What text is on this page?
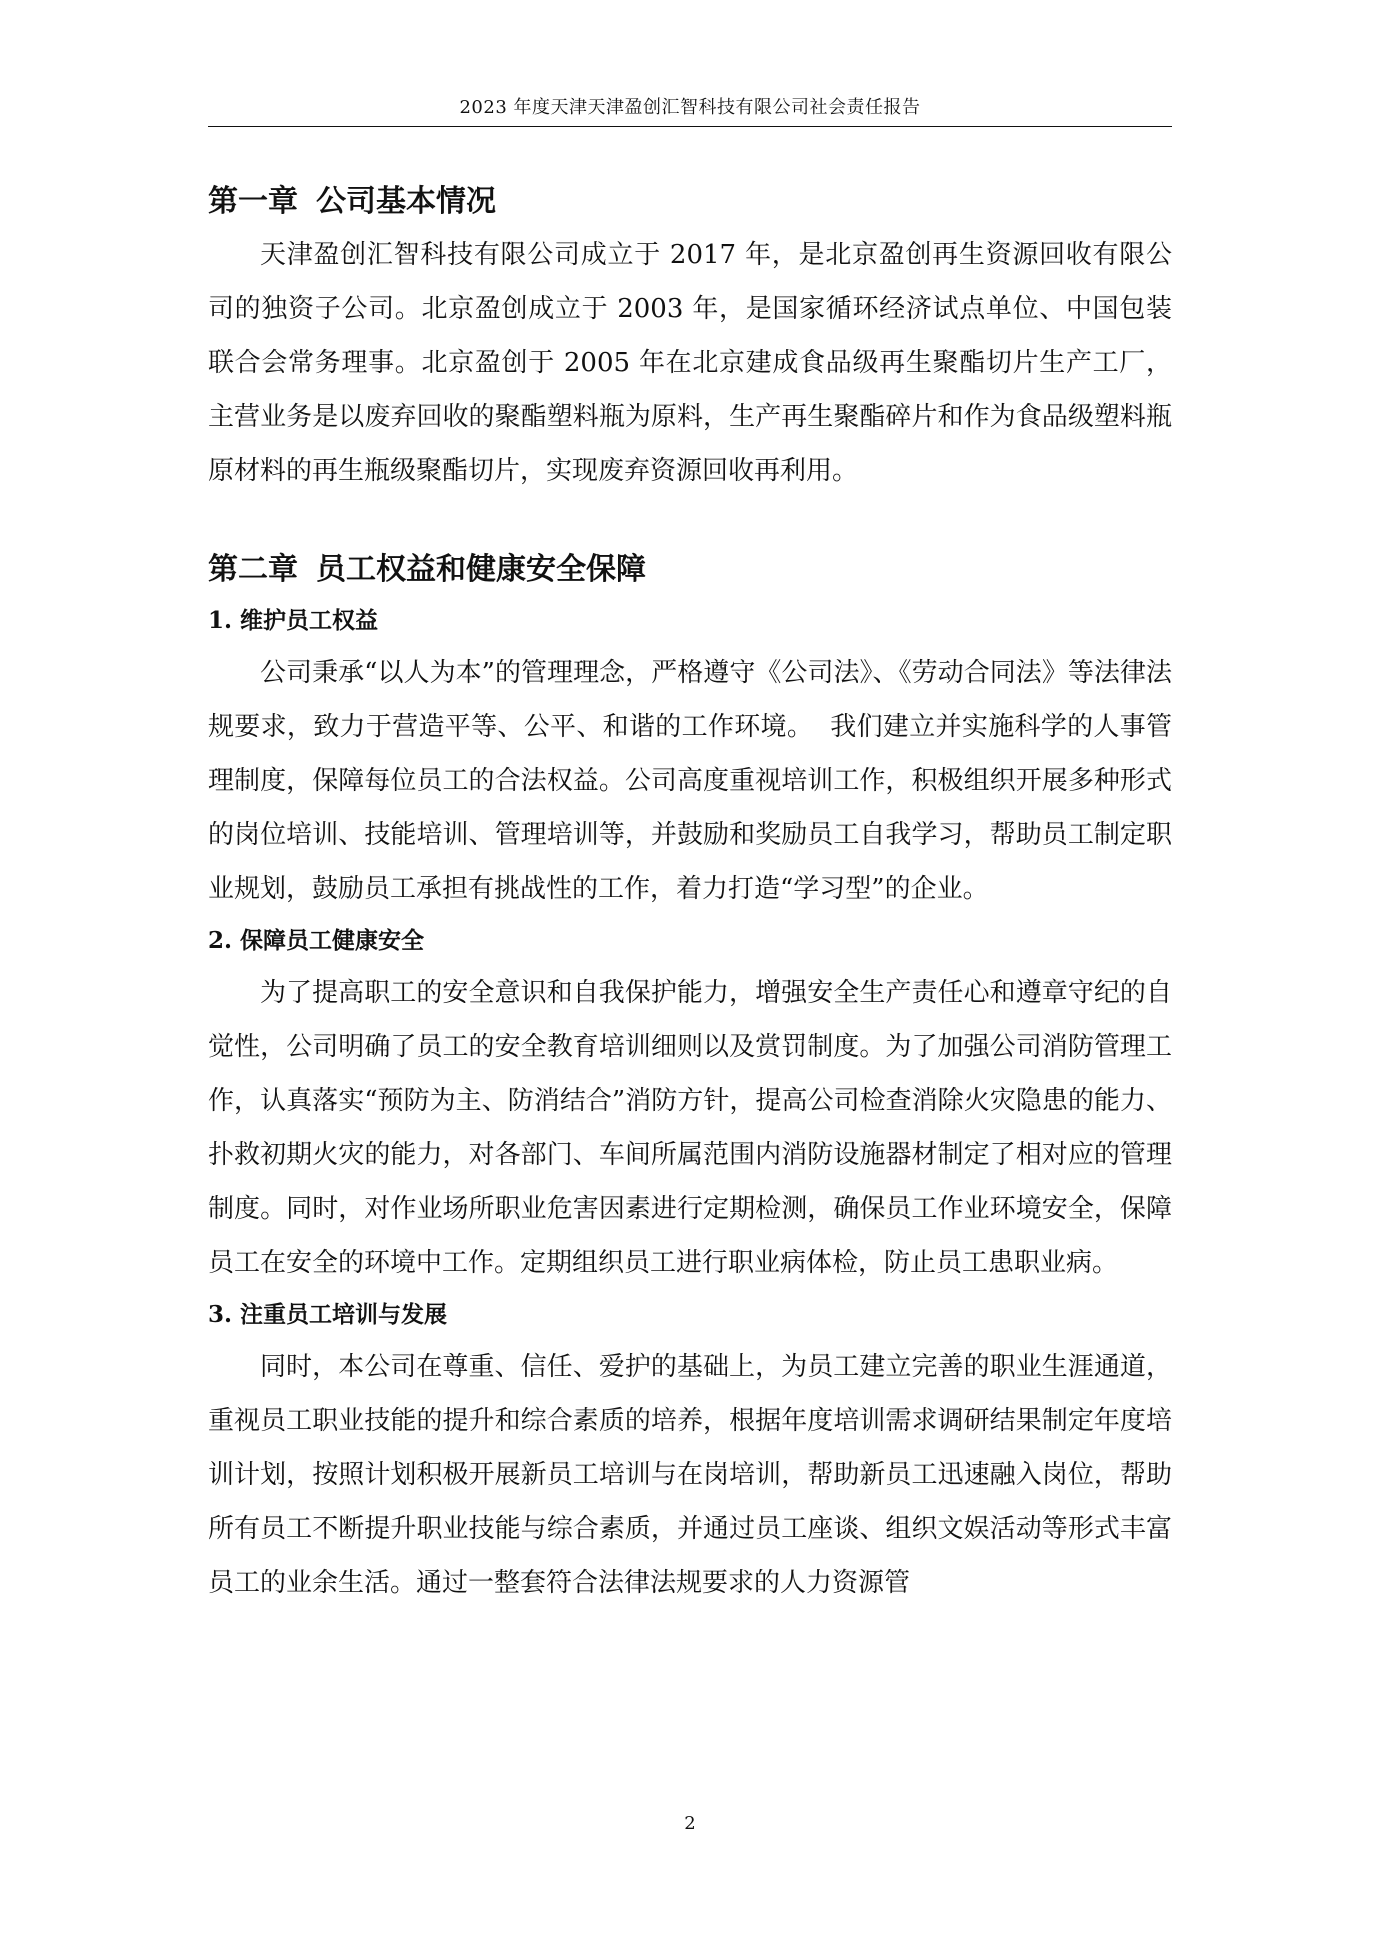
2023 年度天津天津盈创汇智科技有限公司社会责任报告
第一章 公司基本情况

天津盈创汇智科技有限公司成立于 2017 年，是北京盈创再生资源回收有限公司的独资子公司。北京盈创成立于 2003 年，是国家循环经济试点单位、中国包装联合会常务理事。北京盈创于 2005 年在北京建成食品级再生聚酯切片生产工厂，主营业务是以废弃回收的聚酯塑料瓶为原料，生产再生聚酯碎片和作为食品级塑料瓶原材料的再生瓶级聚酯切片，实现废弃资源回收再利用。

第二章 员工权益和健康安全保障
1. 维护员工权益

公司秉承“以人为本”的管理理念，严格遵守《公司法》、《劳动合同法》等法律法规要求，致力于营造平等、公平、和谐的工作环境。  我们建立并实施科学的人事管理制度，保障每位员工的合法权益。公司高度重视培训工作，积极组织开展多种形式的岗位培训、技能培训、管理培训等，并鼓励和奖励员工自我学习，帮助员工制定职业规划，鼓励员工承担有挑战性的工作，着力打造“学习型”的企业。

2. 保障员工健康安全

为了提高职工的安全意识和自我保护能力，增强安全生产责任心和遵章守纪的自觉性，公司明确了员工的安全教育培训细则以及赏罚制度。为了加强公司消防管理工作，认真落实“预防为主、防消结合”消防方针，提高公司检查消除火灾隐患的能力、扑救初期火灾的能力，对各部门、车间所属范围内消防设施器材制定了相对应的管理制度。同时，对作业场所职业危害因素进行定期检测，确保员工作业环境安全，保障员工在安全的环境中工作。定期组织员工进行职业病体检，防止员工患职业病。

3. 注重员工培训与发展

同时，本公司在尊重、信任、爱护的基础上，为员工建立完善的职业生涯通道，重视员工职业技能的提升和综合素质的培养，根据年度培训需求调研结果制定年度培训计划，按照计划积极开展新员工培训与在岗培训，帮助新员工迅速融入岗位，帮助所有员工不断提升职业技能与综合素质，并通过员工座谈、组织文娱活动等形式丰富员工的业余生活。通过一整套符合法律法规要求的人力资源管

2
